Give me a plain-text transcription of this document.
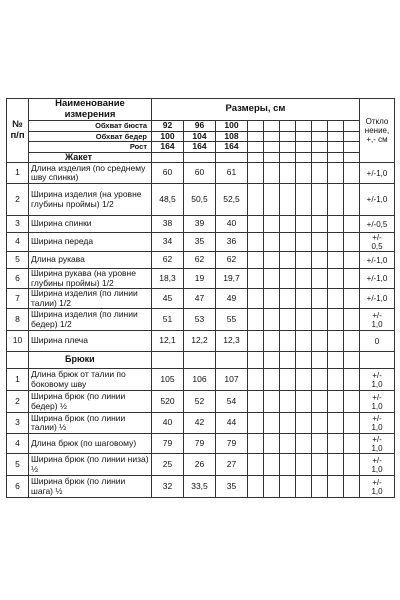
№
п/п	Наименование
измерения	Размеры, см										Откло
нение,
+,- см
	Обхват бюста	92	96	100								
	Обхват бедер	100	104	108								
	Рост	164	164	164								
	Жакет											
1	Длина изделия (по среднему шву спинки)	60	60	61								+/-1,0
2	Ширина изделия (на уровне глубины проймы) 1/2	48,5	50,5	52,5								+/-1,0
3	Ширина спинки	38	39	40								+/-0,5
4	Ширина переда	34	35	36								+/-
0,5
5	Длина рукава	62	62	62								+/-1,0
6	Ширина рукава (на уровне глубины проймы) 1/2	18,3	19	19,7								+/-1,0
7	Ширина изделия (по линии талии) 1/2	45	47	49								+/-1,0
8	Ширина изделия (по линии бедер) 1/2	51	53	55								+/-
1,0
10	Ширина плеча	12,1	12,2	12,3								0
	Брюки											
1	Длина брюк от талии по боковому шву	105	106	107								+/-
1,0
2	Ширина брюк (по линии бедер) ½	520	52	54								+/-
1,0
3	Ширина брюк (по линии талии) ½	40	42	44								+/-
1,0
4	Длина брюк (по шаговому)	79	79	79								+/-
1,0
5	Ширина брюк (по линии низа) ½	25	26	27								+/-
1,0
6	Ширина брюк (по линии шага) ½	32	33,5	35								+/-
1,0
